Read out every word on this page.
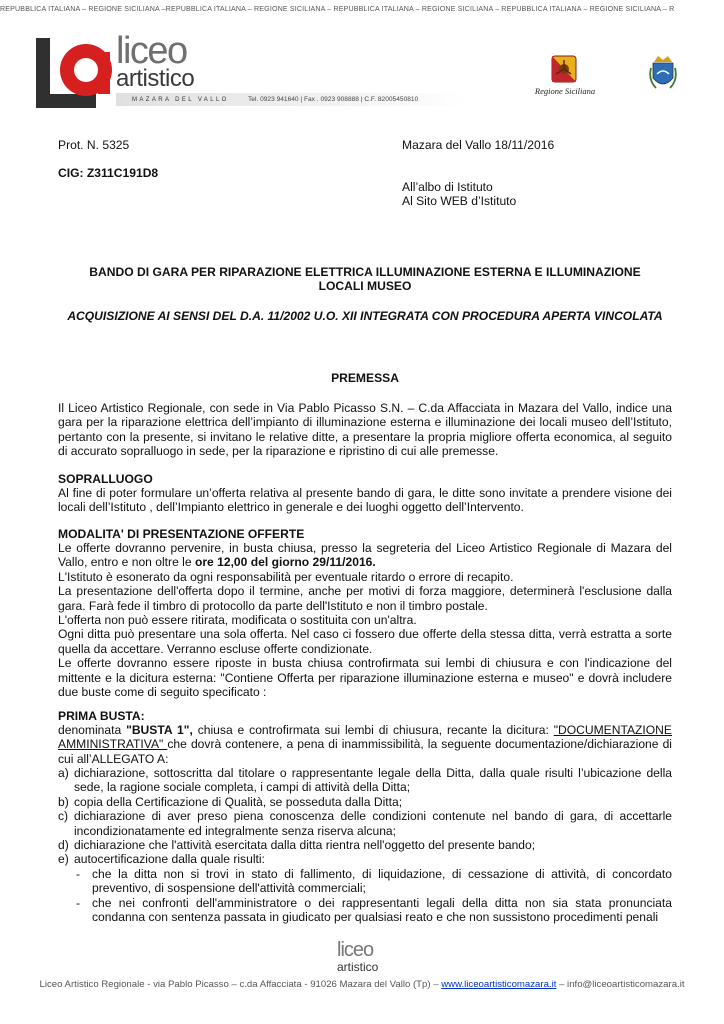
REPUBBLICA ITALIANA – REGIONE SICILIANA –REPUBBLICA ITALIANA – REGIONE SICILIANA – REPUBBLICA ITALIANA – REGIONE SICILIANA – REPUBBLICA ITALIANA – REGIONE SICILIANA – R
liceo
artistico
MAZARA DEL VALLO	Tel. 0923 941640 | Fax . 0923 908888 | C.F. 82005450810
Regione Siciliana
Prot. N. 5325	Mazara del Vallo 18/11/2016
CIG: Z311C191D8
All’albo di Istituto
Al Sito WEB d’Istituto
BANDO DI GARA PER RIPARAZIONE ELETTRICA ILLUMINAZIONE ESTERNA E ILLUMINAZIONE
LOCALI MUSEO
ACQUISIZIONE AI SENSI DEL D.A. 11/2002 U.O. XII INTEGRATA CON PROCEDURA APERTA VINCOLATA
PREMESSA
Il Liceo Artistico Regionale, con sede in Via Pablo Picasso S.N. – C.da Affacciata in Mazara del Vallo, indice una gara per la riparazione elettrica dell’impianto di illuminazione esterna e illuminazione dei locali museo dell’Istituto, pertanto con la presente, si invitano le relative ditte, a presentare la propria migliore offerta economica, al seguito di accurato sopralluogo in sede, per la riparazione e ripristino di cui alle premesse.
SOPRALLUOGO
Al fine di poter formulare un’offerta relativa al presente bando di gara, le ditte sono invitate a prendere visione dei locali dell’Istituto , dell’Impianto elettrico in generale e dei luoghi oggetto dell’Intervento.
MODALITA' DI PRESENTAZIONE OFFERTE
Le offerte dovranno pervenire, in busta chiusa, presso la segreteria del Liceo Artistico Regionale di Mazara del Vallo, entro e non oltre le ore 12,00 del giorno 29/11/2016.
L'Istituto è esonerato da ogni responsabilità per eventuale ritardo o errore di recapito.
La presentazione dell'offerta dopo il termine, anche per motivi di forza maggiore, determinerà l'esclusione dalla gara. Farà fede il timbro di protocollo da parte dell'Istituto e non il timbro postale.
L'offerta non può essere ritirata, modificata o sostituita con un'altra.
Ogni ditta può presentare una sola offerta. Nel caso ci fossero due offerte della stessa ditta, verrà estratta a sorte quella da accettare. Verranno escluse offerte condizionate.
Le offerte dovranno essere riposte in busta chiusa controfirmata sui lembi di chiusura e con l'indicazione del mittente e la dicitura esterna: "Contiene Offerta per riparazione illuminazione esterna e museo" e dovrà includere due buste come di seguito specificato :
PRIMA BUSTA:
denominata "BUSTA 1", chiusa e controfirmata sui lembi di chiusura, recante la dicitura: "DOCUMENTAZIONE AMMINISTRATIVA" che dovrà contenere, a pena di inammissibilità, la seguente documentazione/dichiarazione di cui all’ALLEGATO A:
a) dichiarazione, sottoscritta dal titolare o rappresentante legale della Ditta, dalla quale risulti l’ubicazione della sede, la ragione sociale completa, i campi di attività della Ditta;
b) copia della Certificazione di Qualità, se posseduta dalla Ditta;
c) dichiarazione di aver preso piena conoscenza delle condizioni contenute nel bando di gara, di accettarle incondizionatamente ed integralmente senza riserva alcuna;
d) dichiarazione che l'attività esercitata dalla ditta rientra nell'oggetto del presente bando;
e) autocertificazione dalla quale risulti:
- che la ditta non si trovi in stato di fallimento, di liquidazione, di cessazione di attività, di concordato preventivo, di sospensione dell'attività commerciali;
- che nei confronti dell'amministratore o dei rappresentanti legali della ditta non sia stata pronunciata condanna con sentenza passata in giudicato per qualsiasi reato e che non sussistono procedimenti penali
liceo
artistico
Liceo Artistico Regionale - via Pablo Picasso – c.da Affacciata - 91026 Mazara del Vallo (Tp) – www.liceoartisticomazara.it – info@liceoartisticomazara.it
